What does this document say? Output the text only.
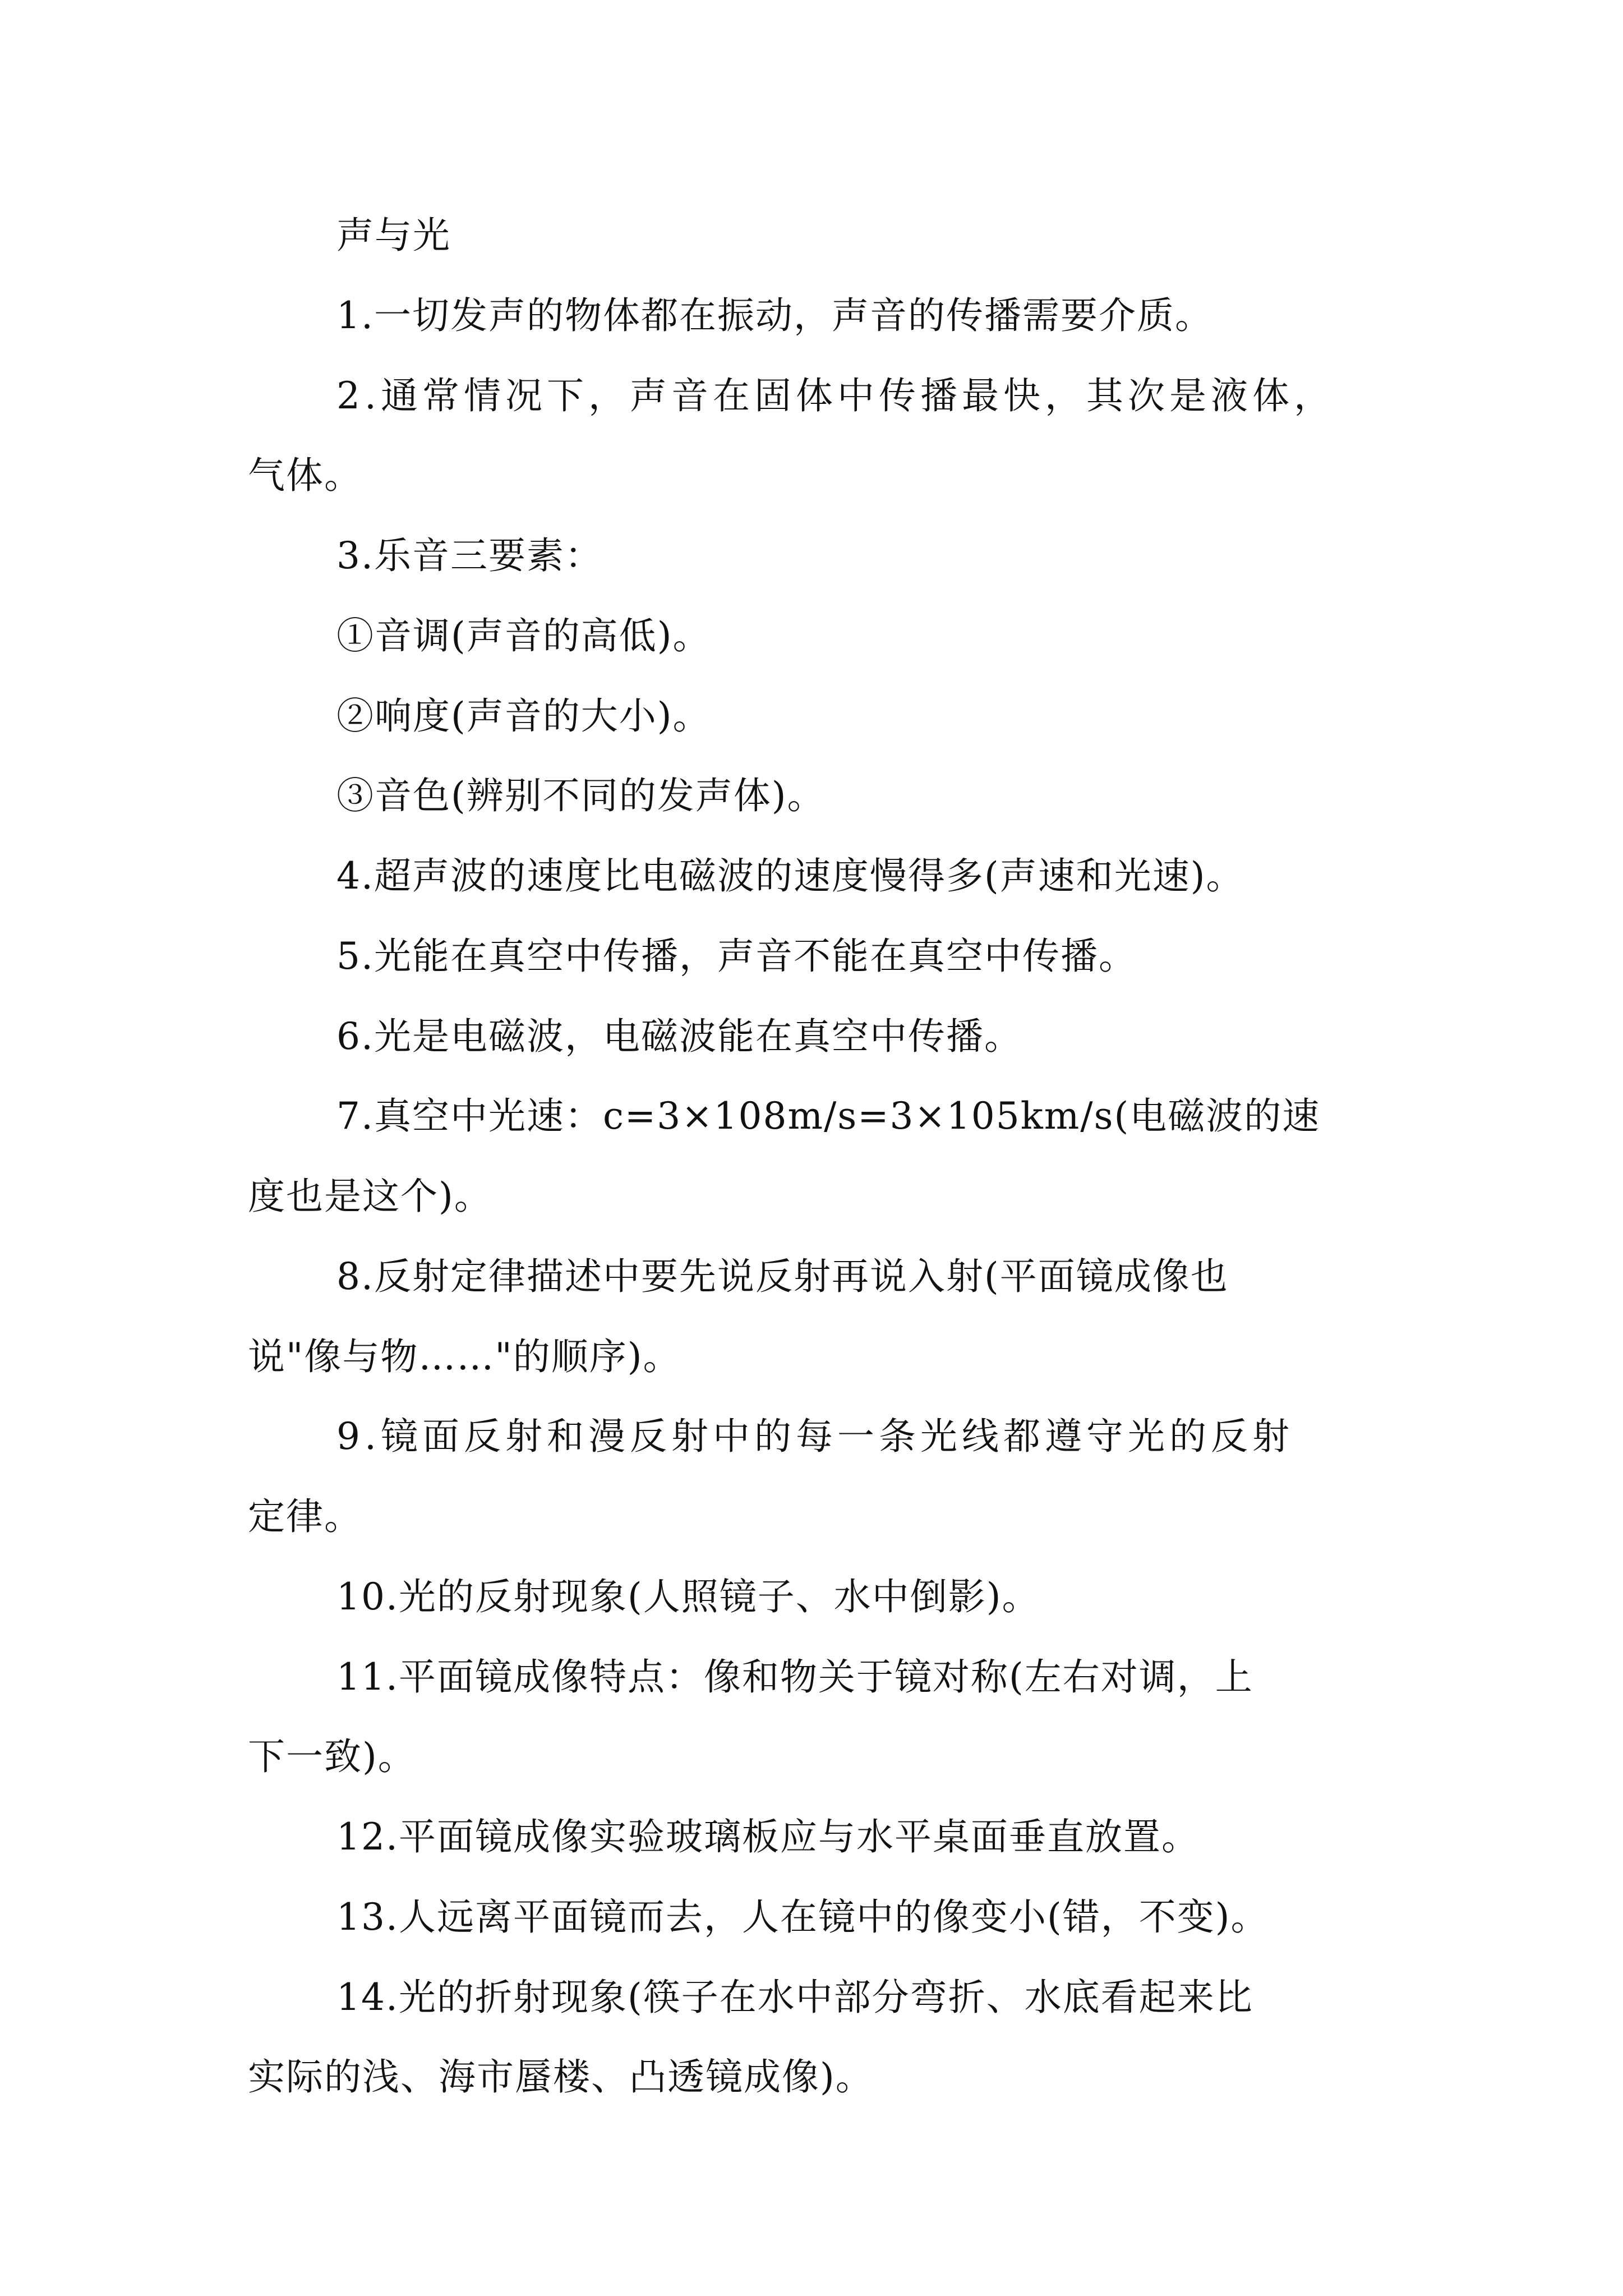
声与光
1.一切发声的物体都在振动，声音的传播需要介质。
2.通常情况下，声音在固体中传播最快，其次是液体，
气体。
3.乐音三要素：
①音调(声音的高低)。
②响度(声音的大小)。
③音色(辨别不同的发声体)。
4.超声波的速度比电磁波的速度慢得多(声速和光速)。
5.光能在真空中传播，声音不能在真空中传播。
6.光是电磁波，电磁波能在真空中传播。
7.真空中光速：c=3×108m/s=3×105km/s(电磁波的速
度也是这个)。
8.反射定律描述中要先说反射再说入射(平面镜成像也
说"像与物……"的顺序)。
9.镜面反射和漫反射中的每一条光线都遵守光的反射
定律。
10.光的反射现象(人照镜子、水中倒影)。
11.平面镜成像特点：像和物关于镜对称(左右对调，上
下一致)。
12.平面镜成像实验玻璃板应与水平桌面垂直放置。
13.人远离平面镜而去，人在镜中的像变小(错，不变)。
14.光的折射现象(筷子在水中部分弯折、水底看起来比
实际的浅、海市蜃楼、凸透镜成像)。
